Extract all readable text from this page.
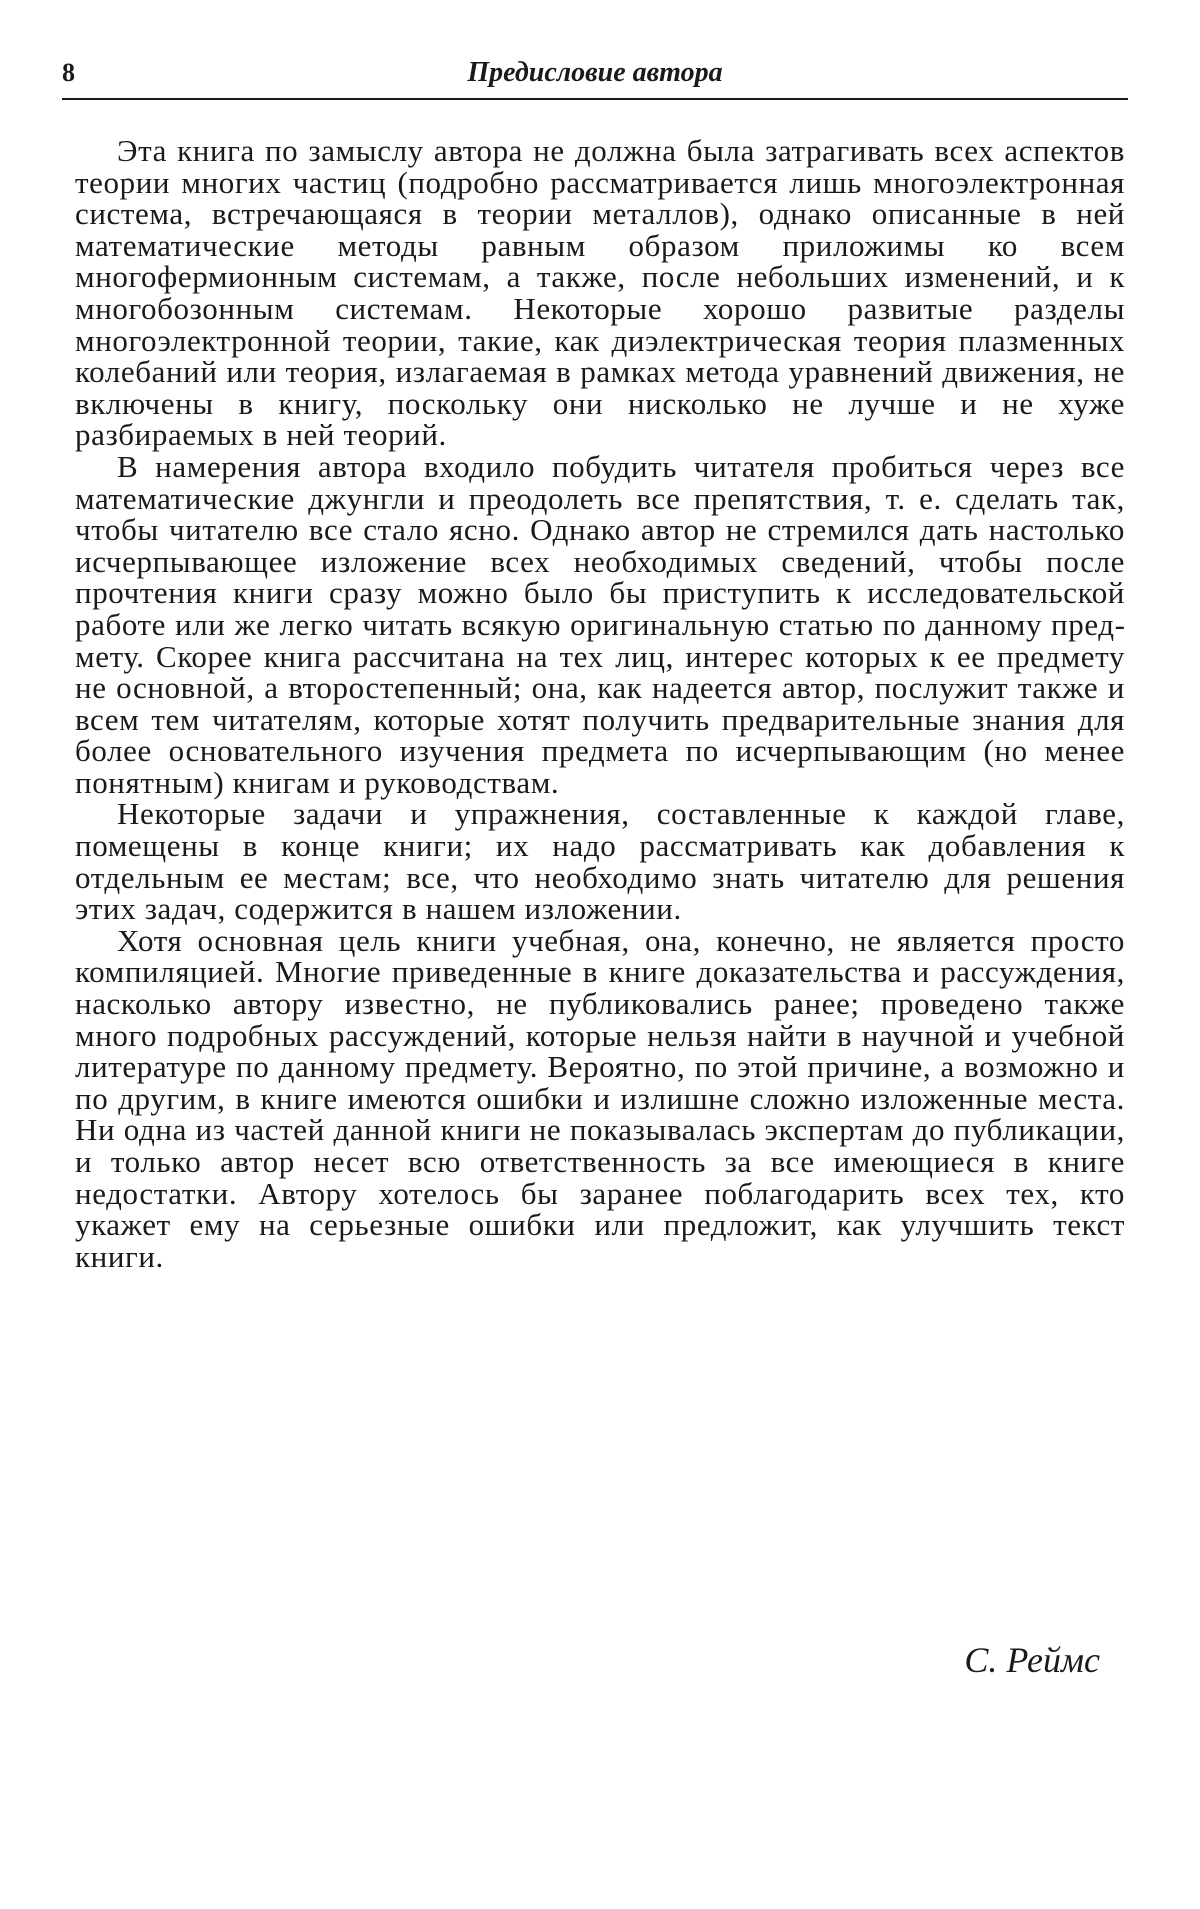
8	Предисловие автора

Эта книга по замыслу автора не должна была затрагивать всех аспектов теории многих частиц (подробно рассматривается лишь многоэлектронная система, встречающаяся в теории металлов), однако описанные в ней математические методы равным образом приложимы ко всем многофермионным системам, а также, после небольших изменений, и к многобозонным системам. Некоторые хорошо развитые разделы многоэлектронной теории, такие, как диэлектрическая теория плазменных колебаний или теория, излагаемая в рамках метода уравнений движения, не включены в книгу, поскольку они нисколько не лучше и не хуже разбираемых в ней теорий.

В намерения автора входило побудить читателя пробиться через все математические джунгли и преодолеть все препятствия, т. е. сделать так, чтобы читателю все стало ясно. Однако автор не стремился дать настолько исчерпывающее изложение всех необходимых сведений, чтобы после прочтения книги сразу можно было бы приступить к исследовательской работе или же легко читать всякую оригинальную статью по данному предмету. Скорее книга рассчитана на тех лиц, интерес которых к ее предмету не основной, а второстепенный; она, как надеется автор, послужит также и всем тем читателям, которые хотят получить предварительные знания для более основательного изучения предмета по исчерпывающим (но менее понятным) книгам и руководствам.

Некоторые задачи и упражнения, составленные к каждой главе, помещены в конце книги; их надо рассматривать как добавления к отдельным ее местам; все, что необходимо знать читателю для решения этих задач, содержится в нашем изложении.

Хотя основная цель книги учебная, она, конечно, не является просто компиляцией. Многие приведенные в книге доказательства и рассуждения, насколько автору известно, не публиковались ранее; проведено также много подробных рассуждений, которые нельзя найти в научной и учебной литературе по данному предмету. Вероятно, по этой причине, а возможно и по другим, в книге имеются ошибки и излишне сложно изложенные места. Ни одна из частей данной книги не показывалась экспертам до публикации, и только автор несет всю ответственность за все имеющиеся в книге недостатки. Автору хотелось бы заранее поблагодарить всех тех, кто укажет ему на серьезные ошибки или предложит, как улучшить текст книги.

С. Реймс
